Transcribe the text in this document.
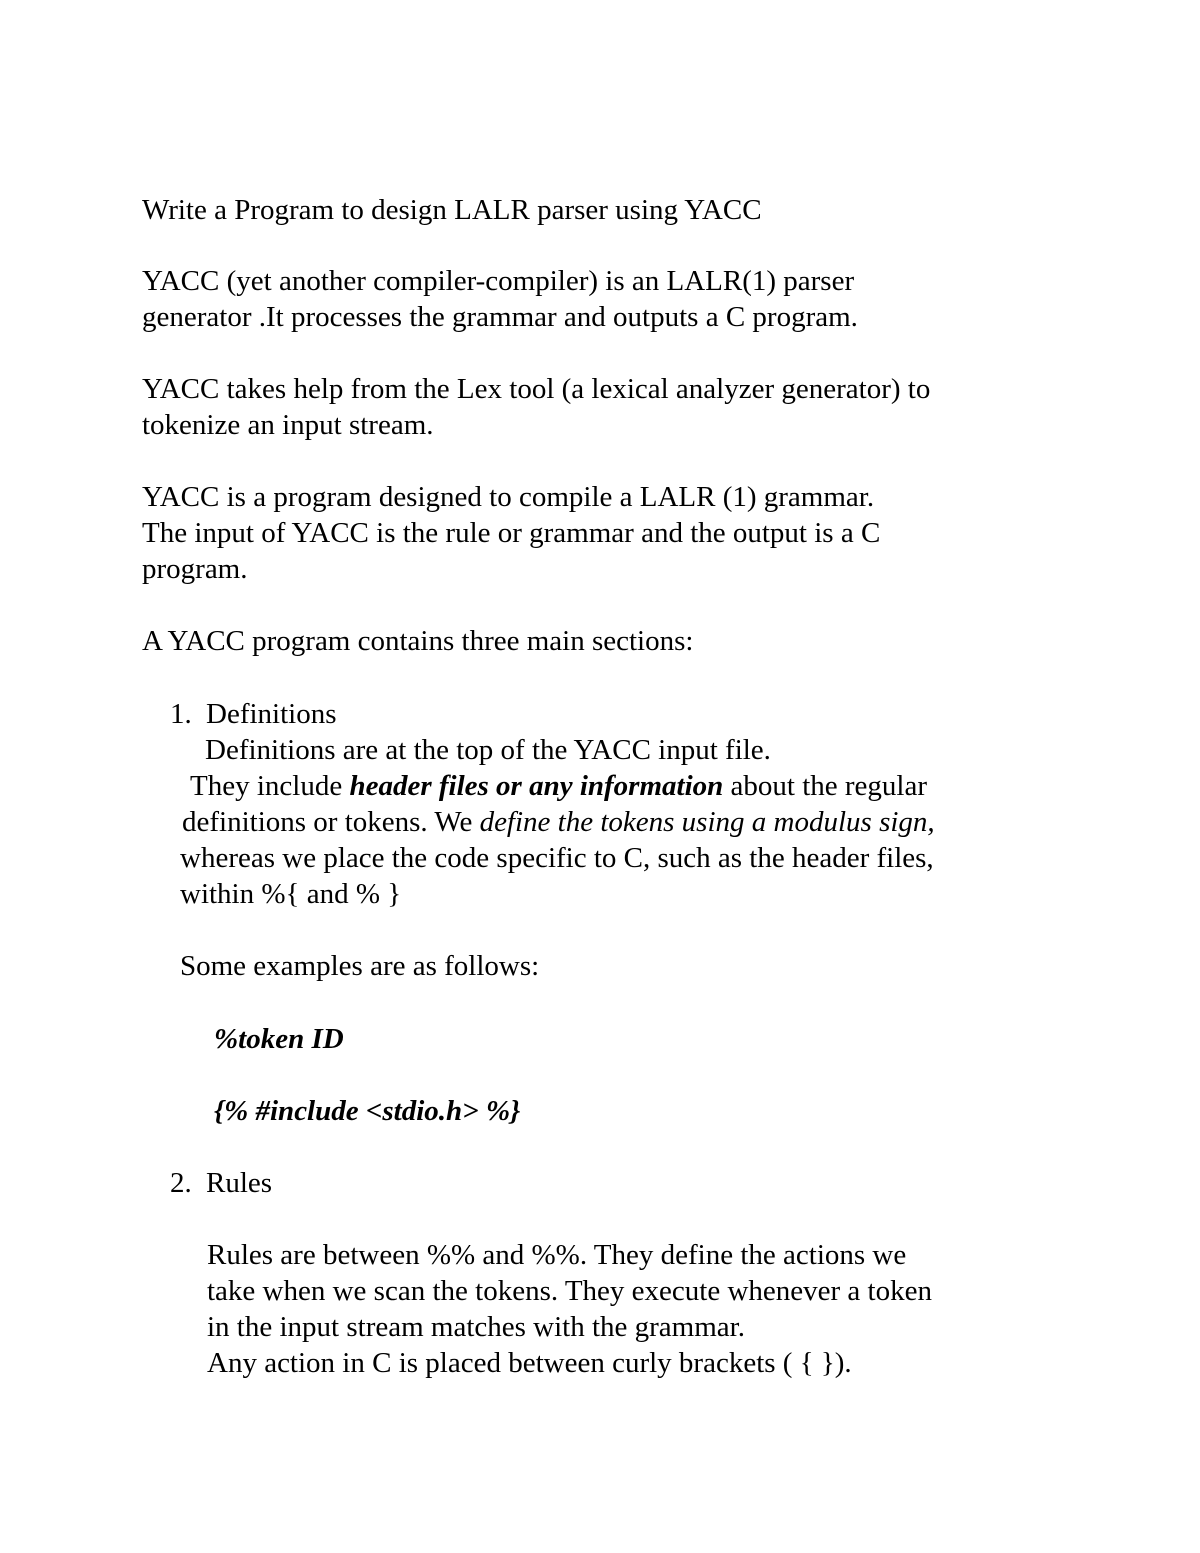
Write a Program to design LALR parser using YACC

YACC (yet another compiler-compiler) is an LALR(1) parser

generator .It processes the grammar and outputs a C program.

YACC takes help from the Lex tool (a lexical analyzer generator) to

tokenize an input stream.

YACC is a program designed to compile a LALR (1) grammar.

The input of YACC is the rule or grammar and the output is a C

program.

A YACC program contains three main sections:

1. Definitions

Definitions are at the top of the YACC input file.

They include header files or any information about the regular

definitions or tokens. We define the tokens using a modulus sign,

whereas we place the code specific to C, such as the header files,

within %{ and % }

Some examples are as follows:

%token ID

{% #include <stdio.h> %}

2. Rules

Rules are between %% and %%. They define the actions we

take when we scan the tokens. They execute whenever a token

in the input stream matches with the grammar.

Any action in C is placed between curly brackets ( { }).
